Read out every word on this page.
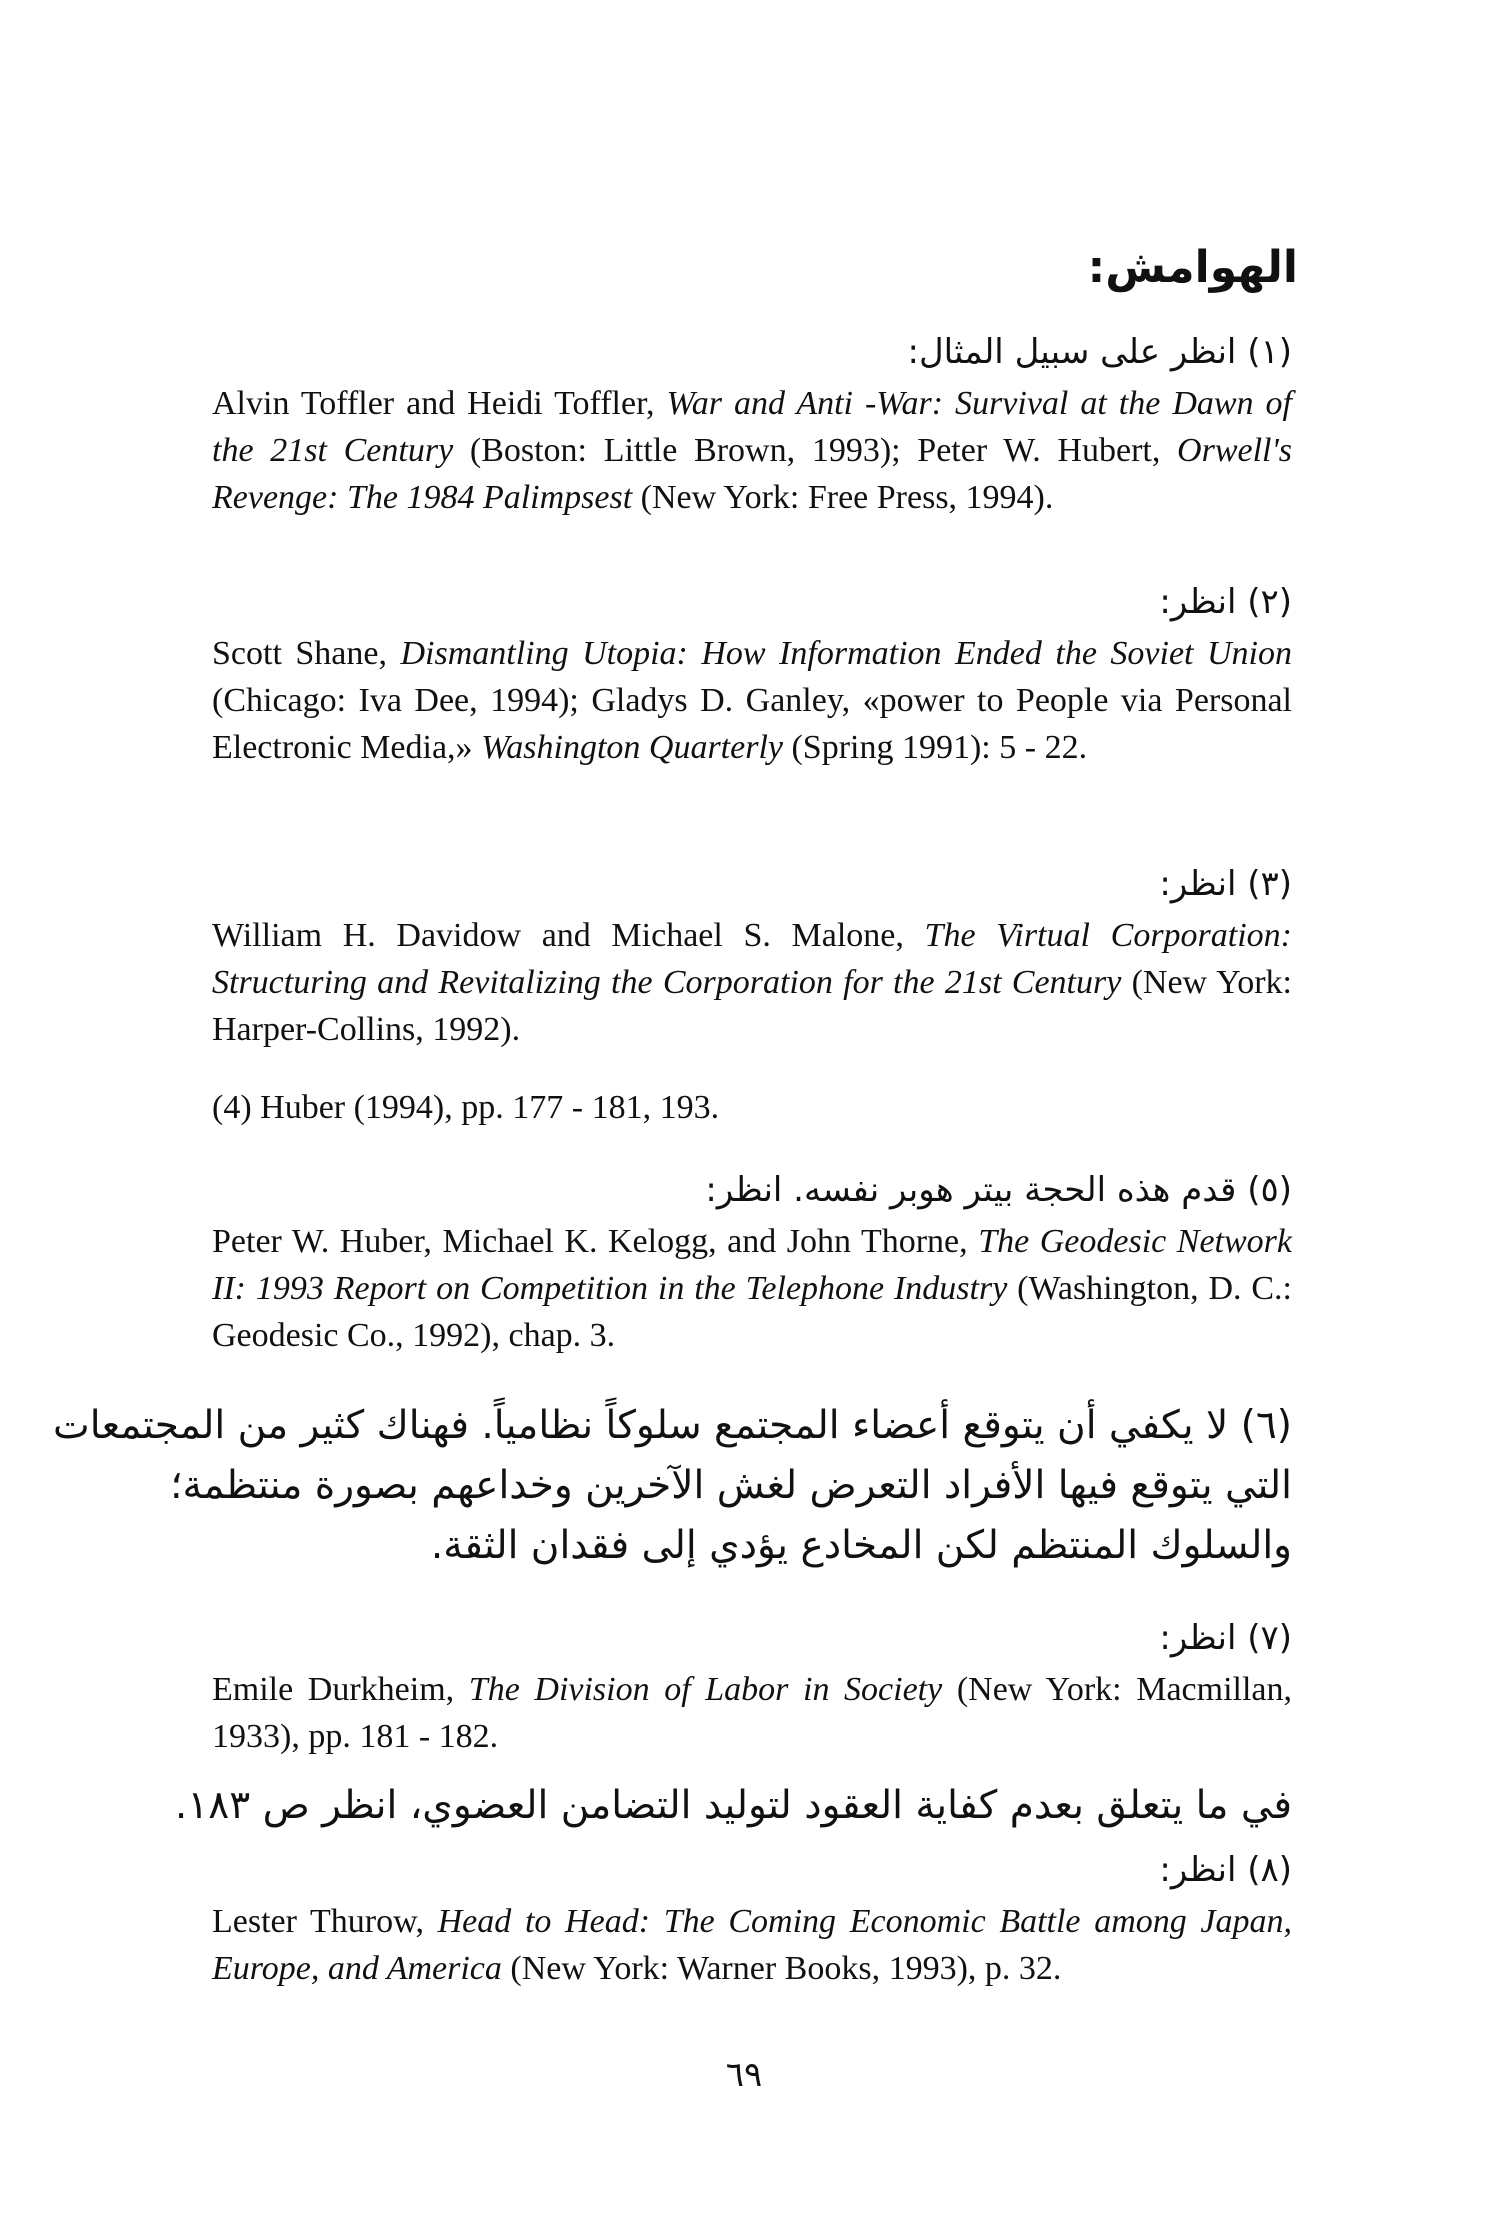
الهوامش:
(١) انظر على سبيل المثال:
Alvin Toffler and Heidi Toffler, War and Anti -War: Survival at the Dawn of the 21st Century (Boston: Little Brown, 1993); Peter W. Hubert, Orwell's Revenge: The 1984 Palimpsest (New York: Free Press, 1994).
(٢) انظر:
Scott Shane, Dismantling Utopia: How Information Ended the Soviet Union (Chicago: Iva Dee, 1994); Gladys D. Ganley, «power to People via Personal Electronic Media,» Washington Quarterly (Spring 1991): 5 - 22.
(٣) انظر:
William H. Davidow and Michael S. Malone, The Virtual Corporation: Structuring and Revitalizing the Corporation for the 21st Century (New York: Harper-Collins, 1992).
(4) Huber (1994), pp. 177 - 181, 193.
(٥) قدم هذه الحجة بيتر هوبر نفسه. انظر:
Peter W. Huber, Michael K. Kelogg, and John Thorne, The Geodesic Network II: 1993 Report on Competition in the Telephone Industry (Washington, D. C.: Geodesic Co., 1992), chap. 3.
(٦) لا يكفي أن يتوقع أعضاء المجتمع سلوكاً نظامياً. فهناك كثير من المجتمعات
التي يتوقع فيها الأفراد التعرض لغش الآخرين وخداعهم بصورة منتظمة؛
والسلوك المنتظم لكن المخادع يؤدي إلى فقدان الثقة.
(٧) انظر:
Emile Durkheim, The Division of Labor in Society (New York: Macmillan, 1933), pp. 181 - 182.
في ما يتعلق بعدم كفاية العقود لتوليد التضامن العضوي، انظر ص ١٨٣.
(٨) انظر:
Lester Thurow, Head to Head: The Coming Economic Battle among Japan, Europe, and America (New York: Warner Books, 1993), p. 32.
٦٩
